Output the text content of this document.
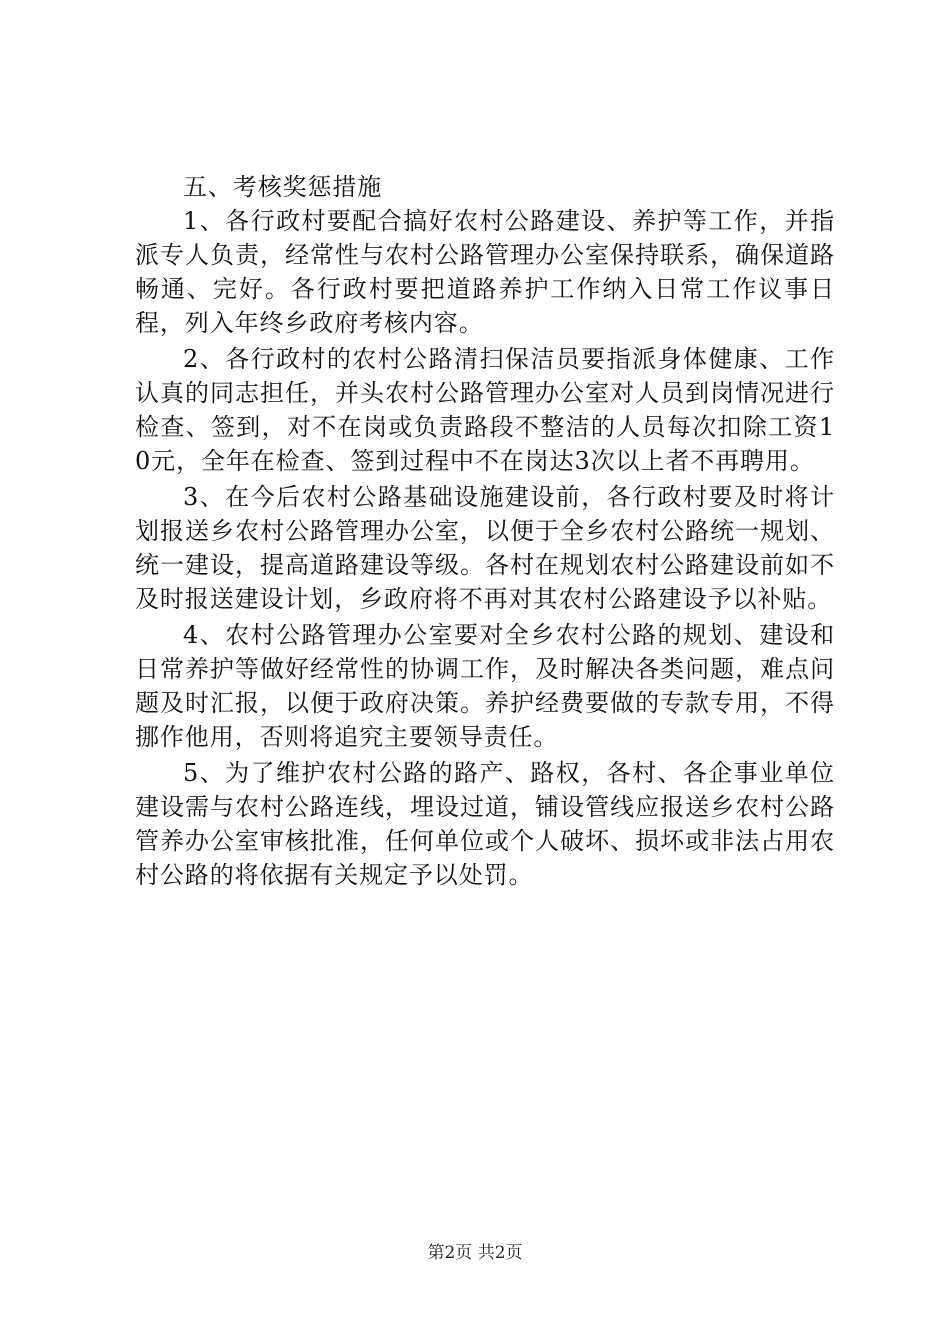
五、考核奖惩措施

1、各行政村要配合搞好农村公路建设、养护等工作，并指派专人负责，经常性与农村公路管理办公室保持联系，确保道路畅通、完好。各行政村要把道路养护工作纳入日常工作议事日程，列入年终乡政府考核内容。

2、各行政村的农村公路清扫保洁员要指派身体健康、工作认真的同志担任，并头农村公路管理办公室对人员到岗情况进行检查、签到，对不在岗或负责路段不整洁的人员每次扣除工资10元，全年在检查、签到过程中不在岗达3次以上者不再聘用。

3、在今后农村公路基础设施建设前，各行政村要及时将计划报送乡农村公路管理办公室，以便于全乡农村公路统一规划、统一建设，提高道路建设等级。各村在规划农村公路建设前如不及时报送建设计划，乡政府将不再对其农村公路建设予以补贴。

4、农村公路管理办公室要对全乡农村公路的规划、建设和日常养护等做好经常性的协调工作，及时解决各类问题，难点问题及时汇报，以便于政府决策。养护经费要做的专款专用，不得挪作他用，否则将追究主要领导责任。

5、为了维护农村公路的路产、路权，各村、各企事业单位建设需与农村公路连线，埋设过道，铺设管线应报送乡农村公路管养办公室审核批准，任何单位或个人破坏、损坏或非法占用农村公路的将依据有关规定予以处罚。

第2页 共2页
